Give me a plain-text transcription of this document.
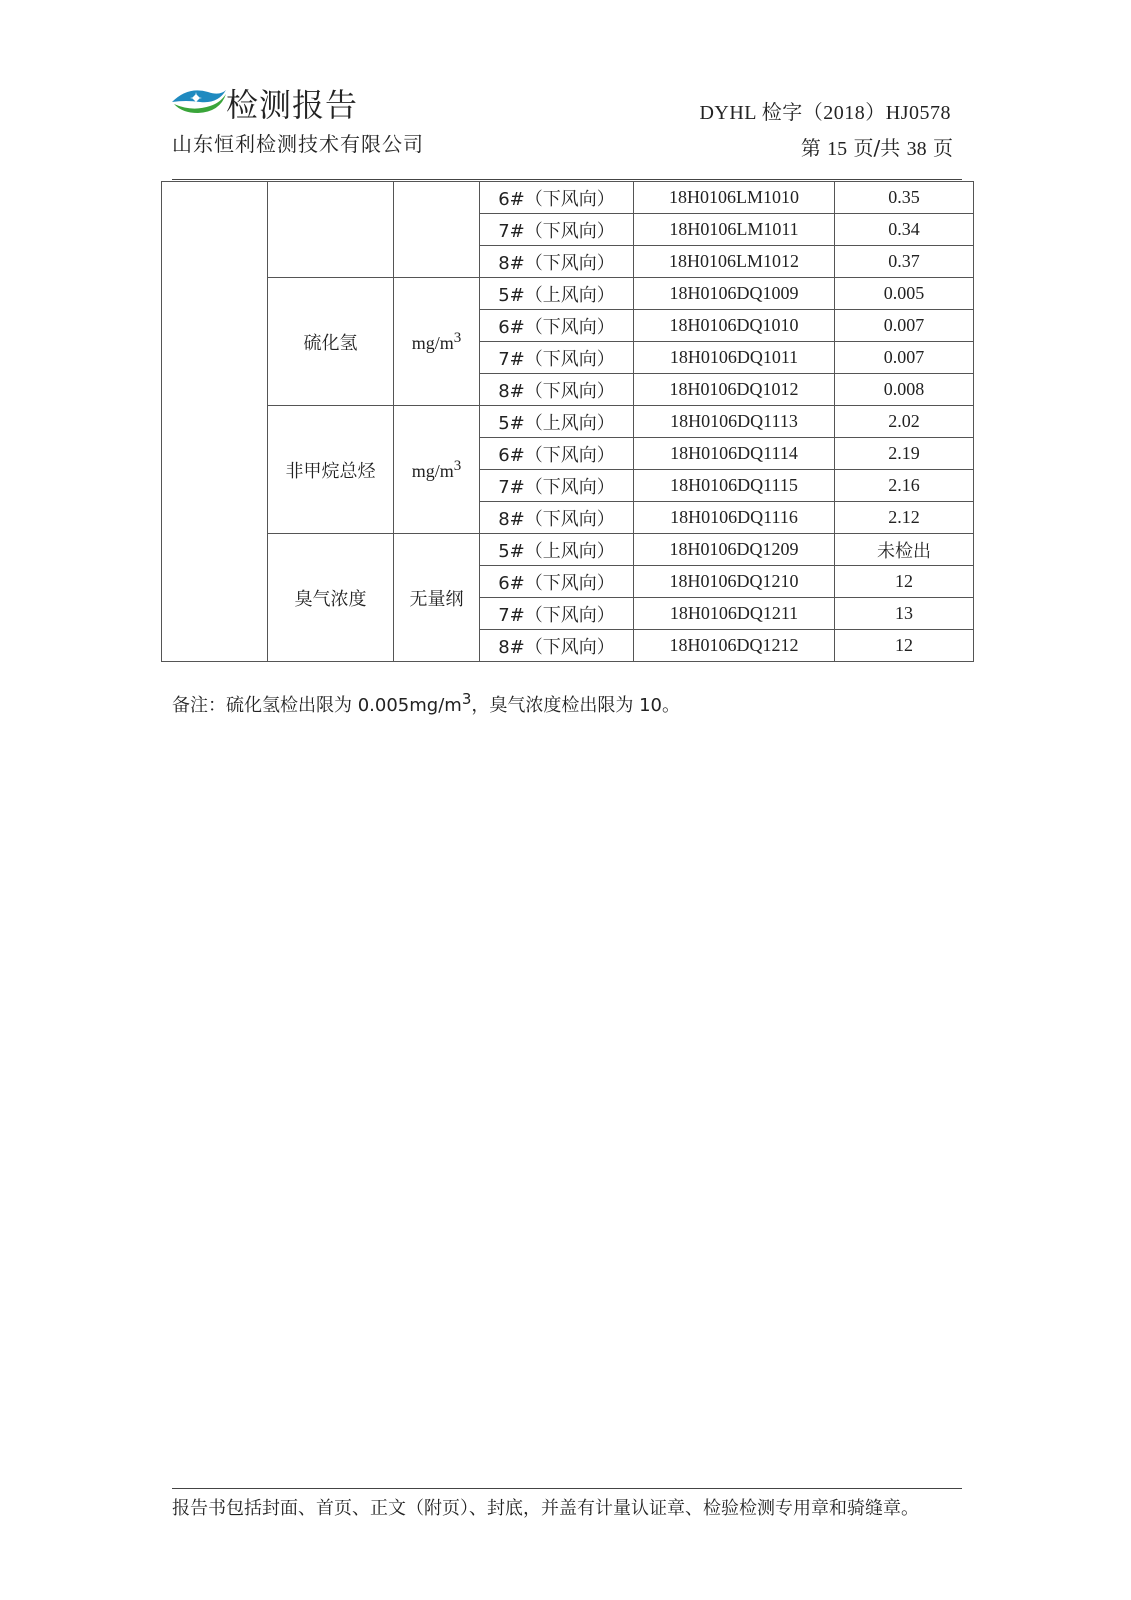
检测报告
山东恒利检测技术有限公司
DYHL 检字（2018）HJ0578
第 15 页/共 38 页
			6#（下风向）	18H0106LM1010	0.35
			7#（下风向）	18H0106LM1011	0.34
			8#（下风向）	18H0106LM1012	0.37
	硫化氢	$mg/m^3$	5#（上风向）	18H0106DQ1009	0.005
			6#（下风向）	18H0106DQ1010	0.007
			7#（下风向）	18H0106DQ1011	0.007
			8#（下风向）	18H0106DQ1012	0.008
	非甲烷总烃	$mg/m^3$	5#（上风向）	18H0106DQ1113	2.02
			6#（下风向）	18H0106DQ1114	2.19
			7#（下风向）	18H0106DQ1115	2.16
			8#（下风向）	18H0106DQ1116	2.12
	臭气浓度	无量纲	5#（上风向）	18H0106DQ1209	未检出
			6#（下风向）	18H0106DQ1210	12
			7#（下风向）	18H0106DQ1211	13
			8#（下风向）	18H0106DQ1212	12
备注：硫化氢检出限为 $0.005mg/m^3$，臭气浓度检出限为 10。
报告书包括封面、首页、正文（附页）、封底，并盖有计量认证章、检验检测专用章和骑缝章。
